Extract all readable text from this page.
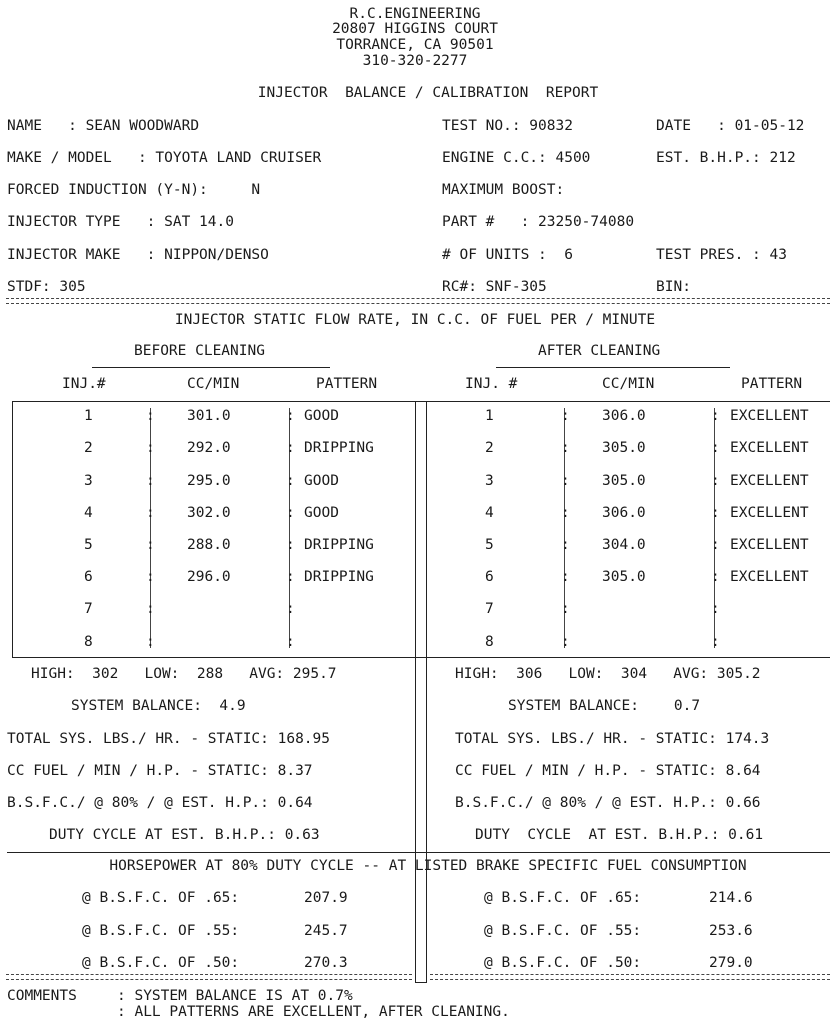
R.C.ENGINEERING
20807 HIGGINS COURT
TORRANCE, CA 90501
310-320-2277
INJECTOR  BALANCE / CALIBRATION  REPORT
NAME   : SEAN WOODWARD	TEST NO.: 90832	DATE   : 01-05-12
MAKE / MODEL   : TOYOTA LAND CRUISER	ENGINE C.C.: 4500	EST. B.H.P.: 212
FORCED INDUCTION (Y-N):     N	MAXIMUM BOOST:
INJECTOR TYPE   : SAT 14.0	PART #   : 23250-74080
INJECTOR MAKE   : NIPPON/DENSO	# OF UNITS :  6	TEST PRES. : 43
STDF: 305	RC#: SNF-305	BIN:
INJECTOR STATIC FLOW RATE, IN C.C. OF FUEL PER / MINUTE
BEFORE CLEANING	AFTER CLEANING
INJ.#	CC/MIN	PATTERN	INJ. #	CC/MIN	PATTERN
1	: 301.0	: GOOD
2	: 292.0	: DRIPPING
3	: 295.0	: GOOD
4	: 302.0	: GOOD
5	: 288.0	: DRIPPING
6	: 296.0	: DRIPPING
7	:	:
8	:	:
1	: 306.0	: EXCELLENT
2	: 305.0	: EXCELLENT
3	: 305.0	: EXCELLENT
4	: 306.0	: EXCELLENT
5	: 304.0	: EXCELLENT
6	: 305.0	: EXCELLENT
7	:	:
8	:	:
HIGH:  302   LOW:  288   AVG: 295.7
SYSTEM BALANCE:  4.9
TOTAL SYS. LBS./ HR. - STATIC: 168.95
CC FUEL / MIN / H.P. - STATIC: 8.37
B.S.F.C./ @ 80% / @ EST. H.P.: 0.64
DUTY CYCLE AT EST. B.H.P.: 0.63
HIGH:  306   LOW:  304   AVG: 305.2
SYSTEM BALANCE:    0.7
TOTAL SYS. LBS./ HR. - STATIC: 174.3
CC FUEL / MIN / H.P. - STATIC: 8.64
B.S.F.C./ @ 80% / @ EST. H.P.: 0.66
DUTY  CYCLE  AT EST. B.H.P.: 0.61
HORSEPOWER AT 80% DUTY CYCLE -- AT LISTED BRAKE SPECIFIC FUEL CONSUMPTION
@ B.S.F.C. OF .65:	207.9
@ B.S.F.C. OF .55:	245.7
@ B.S.F.C. OF .50:	270.3
@ B.S.F.C. OF .65:	214.6
@ B.S.F.C. OF .55:	253.6
@ B.S.F.C. OF .50:	279.0
COMMENTS	: SYSTEM BALANCE IS AT 0.7%
: ALL PATTERNS ARE EXCELLENT, AFTER CLEANING.
